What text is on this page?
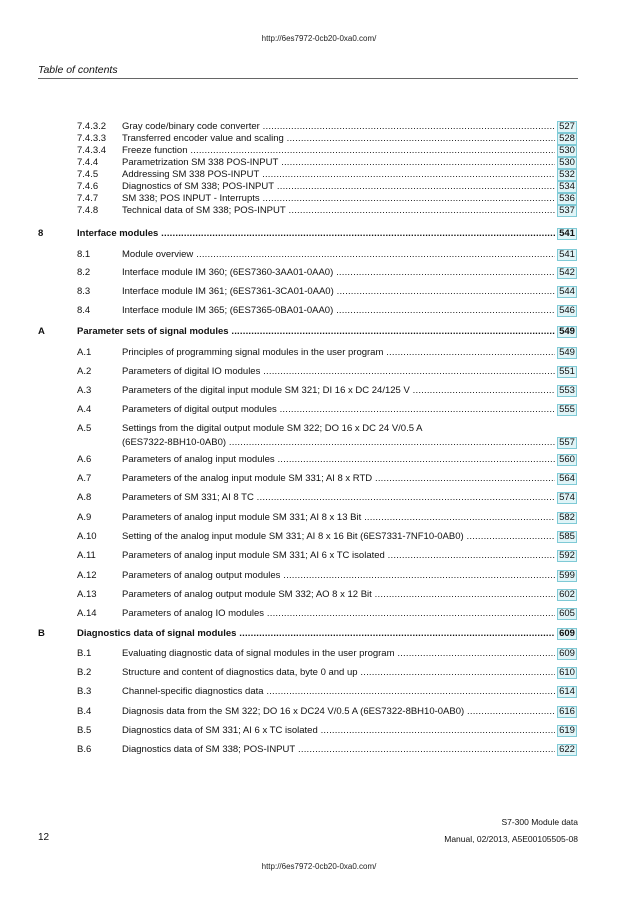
http://6es7972-0cb20-0xa0.com/
Table of contents
7.4.3.2 Gray code/binary code converter .....	527
7.4.3.3 Transferred encoder value and scaling .....	528
7.4.3.4 Freeze function .....	530
7.4.4	Parametrization SM 338 POS-INPUT .....	530
7.4.5	Addressing SM 338 POS-INPUT .....	532
7.4.6	Diagnostics of SM 338; POS-INPUT .....	534
7.4.7	SM 338; POS INPUT - Interrupts .....	536
7.4.8	Technical data of SM 338; POS-INPUT .....	537
8	Interface modules .....	541
8.1	Module overview .....	541
8.2	Interface module IM 360; (6ES7360-3AA01-0AA0) .....	542
8.3	Interface module IM 361; (6ES7361-3CA01-0AA0) .....	544
8.4	Interface module IM 365; (6ES7365-0BA01-0AA0) .....	546
A	Parameter sets of signal modules .....	549
A.1	Principles of programming signal modules in the user program .....	549
A.2	Parameters of digital IO modules .....	551
A.3	Parameters of the digital input module SM 321; DI 16 x DC 24/125 V .....	553
A.4	Parameters of digital output modules .....	555
A.5	Settings from the digital output module SM 322; DO 16 x DC 24 V/0.5 A
(6ES7322-8BH10-0AB0) .....	557
A.6	Parameters of analog input modules .....	560
A.7	Parameters of the analog input module SM 331; AI 8 x RTD .....	564
A.8	Parameters of SM 331; AI 8 TC .....	574
A.9	Parameters of analog input module SM 331; AI 8 x 13 Bit .....	582
A.10	Setting of the analog input module SM 331; AI 8 x 16 Bit (6ES7331-7NF10-0AB0) .....	585
A.11	Parameters of analog input module SM 331; AI 6 x TC isolated .....	592
A.12	Parameters of analog output modules .....	599
A.13	Parameters of analog output module SM 332; AO 8 x 12 Bit .....	602
A.14	Parameters of analog IO modules .....	605
B	Diagnostics data of signal modules .....	609
B.1	Evaluating diagnostic data of signal modules in the user program .....	609
B.2	Structure and content of diagnostics data, byte 0 and up .....	610
B.3	Channel-specific diagnostics data .....	614
B.4	Diagnosis data from the SM 322; DO 16 x DC24 V/0.5 A (6ES7322-8BH10-0AB0) .....	616
B.5	Diagnostics data of SM 331; AI 6 x TC isolated .....	619
B.6	Diagnostics data of SM 338; POS-INPUT .....	622
S7-300 Module data
Manual, 02/2013, A5E00105505-08
12
http://6es7972-0cb20-0xa0.com/
